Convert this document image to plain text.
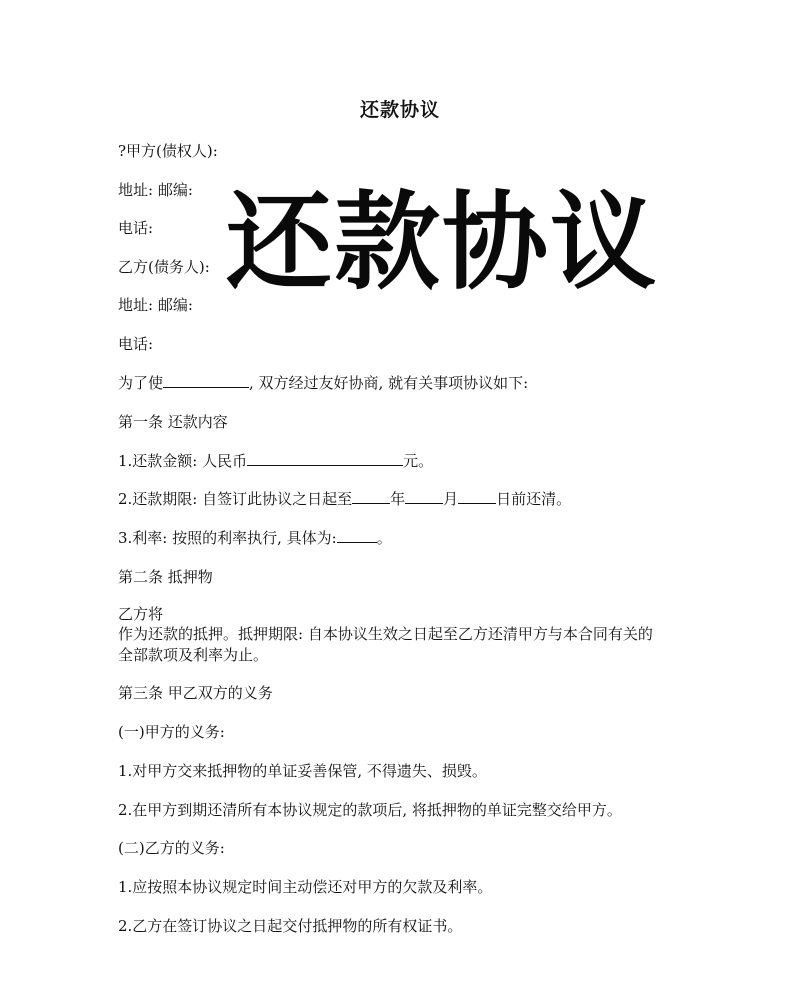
还款协议
?甲方(债权人):
地址: 邮编:
电话:
乙方(债务人):
地址: 邮编:
电话:
为了使	, 双方经过友好协商, 就有关事项协议如下:
第一条 还款内容
1.还款金额: 人民币	元。
2.还款期限: 自签订此协议之日起至	年	月	日前还清。
3.利率: 按照的利率执行, 具体为:	。
第二条 抵押物
乙方将
作为还款的抵押。抵押期限: 自本协议生效之日起至乙方还清甲方与本合同有关的
全部款项及利率为止。
第三条 甲乙双方的义务
(一)甲方的义务:
1.对甲方交来抵押物的单证妥善保管, 不得遗失、损毁。
2.在甲方到期还清所有本协议规定的款项后, 将抵押物的单证完整交给甲方。
(二)乙方的义务:
1.应按照本协议规定时间主动偿还对甲方的欠款及利率。
2.乙方在签订协议之日起交付抵押物的所有权证书。
还款协议
